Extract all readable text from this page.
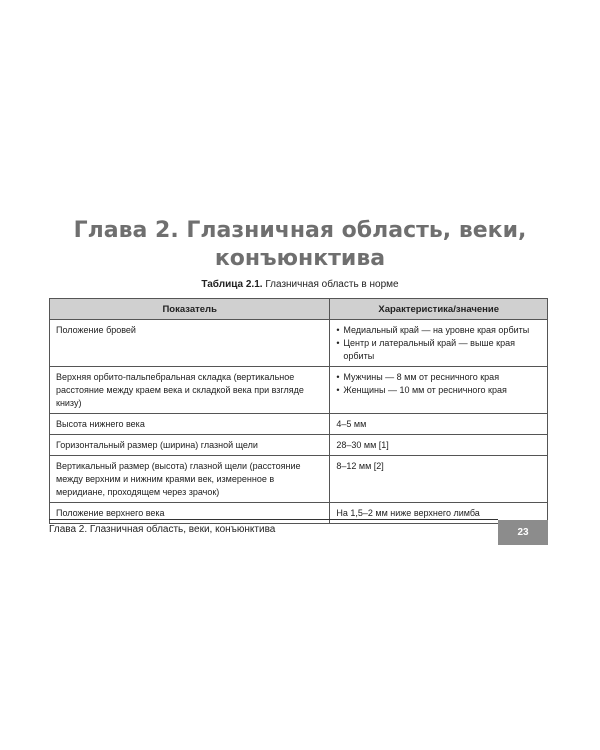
Глава 2. Глазничная область, веки,
конъюнктива
Таблица 2.1. Глазничная область в норме
Показатель	Характеристика/значение
Положение бровей	• Медиальный край — на уровне края орбиты
• Центр и латеральный край — выше края орбиты

Верхняя орбито-пальпебральная складка (вертикальное расстояние между краем века и складкой века при взгляде книзу)	• Мужчины — 8 мм от ресничного края
• Женщины — 10 мм от ресничного края

Высота нижнего века	4–5 мм
Горизонтальный размер (ширина) глазной щели	28–30 мм [1]
Вертикальный размер (высота) глазной щели (расстояние между верхним и нижним краями век, измеренное в меридиане, проходящем через зрачок)	8–12 мм [2]
Положение верхнего века	На 1,5–2 мм ниже верхнего лимба
Глава 2. Глазничная область, веки, конъюнктива	23
